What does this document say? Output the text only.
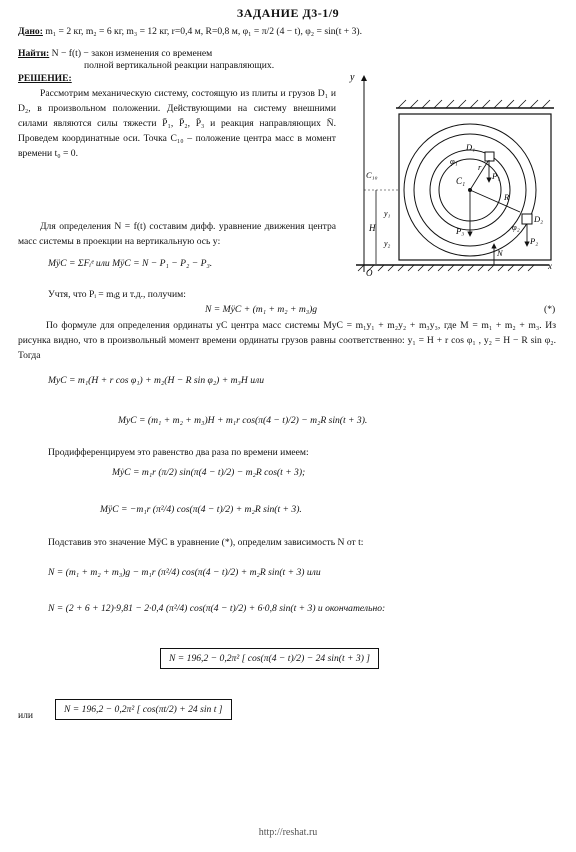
ЗАДАНИЕ Д3-1/9
Дано: m₁ = 2 кг, m₂ = 6 кг, m₃ = 12 кг, r=0,4 м, R=0,8 м, φ₁ = π/2 (4 − t), φ₂ = sin(t + 3).
Найти: N − f(t) − закон изменения со временем
полной вертикальной реакции направляющих.
РЕШЕНИЕ:
Рассмотрим механическую систему, состоящую из плиты и грузов D₁ и D₂, в произвольном положении. Действующими на систему внешними силами являются силы тяжести P̄₁, P̄₂, P̄₃ и реакция направляющих N̄. Проведем координатные оси. Точка C₁₀ – положение центра масс в момент времени t₀ = 0.
Для определения N = f(t) составим дифф. уравнение движения центра масс системы в проекции на вертикальную ось y:
MÿC = ΣFᵢᵉ или MÿC = N − P₁ − P₂ − P₃.
Учтя, что Pᵢ = mᵢg и т.д., получим:
N = MÿC + (m₁ + m₂ + m₃)g	(*)
По формуле для определения ординаты yC центра масс системы MyC = m₁y₁ + m₂y₂ + m₃y₃, где M = m₁ + m₂ + m₃. Из рисунка видно, что в произвольный момент времени ординаты грузов равны соответственно: y₁ = H + r cos φ₁ , y₂ = H − R sin φ₂. Тогда
MyC = m₁(H + r cos φ₁) + m₂(H − R sin φ₂) + m₃H или
MyC = (m₁ + m₂ + m₃)H + m₁r cos(π(4 − t)/2) − m₂R sin(t + 3).
Продифференцируем это равенство два раза по времени имеем:
MẏC = m₁r (π/2) sin(π(4 − t)/2) − m₂R cos(t + 3);
MÿC = −m₁r (π²/4) cos(π(4 − t)/2) + m₂R sin(t + 3).
Подставив это значение MÿC в уравнение (*), определим зависимость N от t:
N = (m₁ + m₂ + m₃)g − m₁r (π²/4) cos(π(4 − t)/2) + m₂R sin(t + 3) или
N = (2 + 6 + 12)·9,81 − 2·0,4 (π²/4) cos(π(4 − t)/2) + 6·0,8 sin(t + 3) и окончательно:
N = 196,2 − 0,2π² [ cos(π(4 − t)/2) − 24 sin(t + 3) ]
или
N = 196,2 − 0,2π² [ cos(πt/2) + 24 sin t ]
http://reshat.ru
y
O
x
C₁
r
R
D₁
φ₁
P₁
D₂
P₂
φ₂
P₃
N
C₁₀
H
y₁
y₂
